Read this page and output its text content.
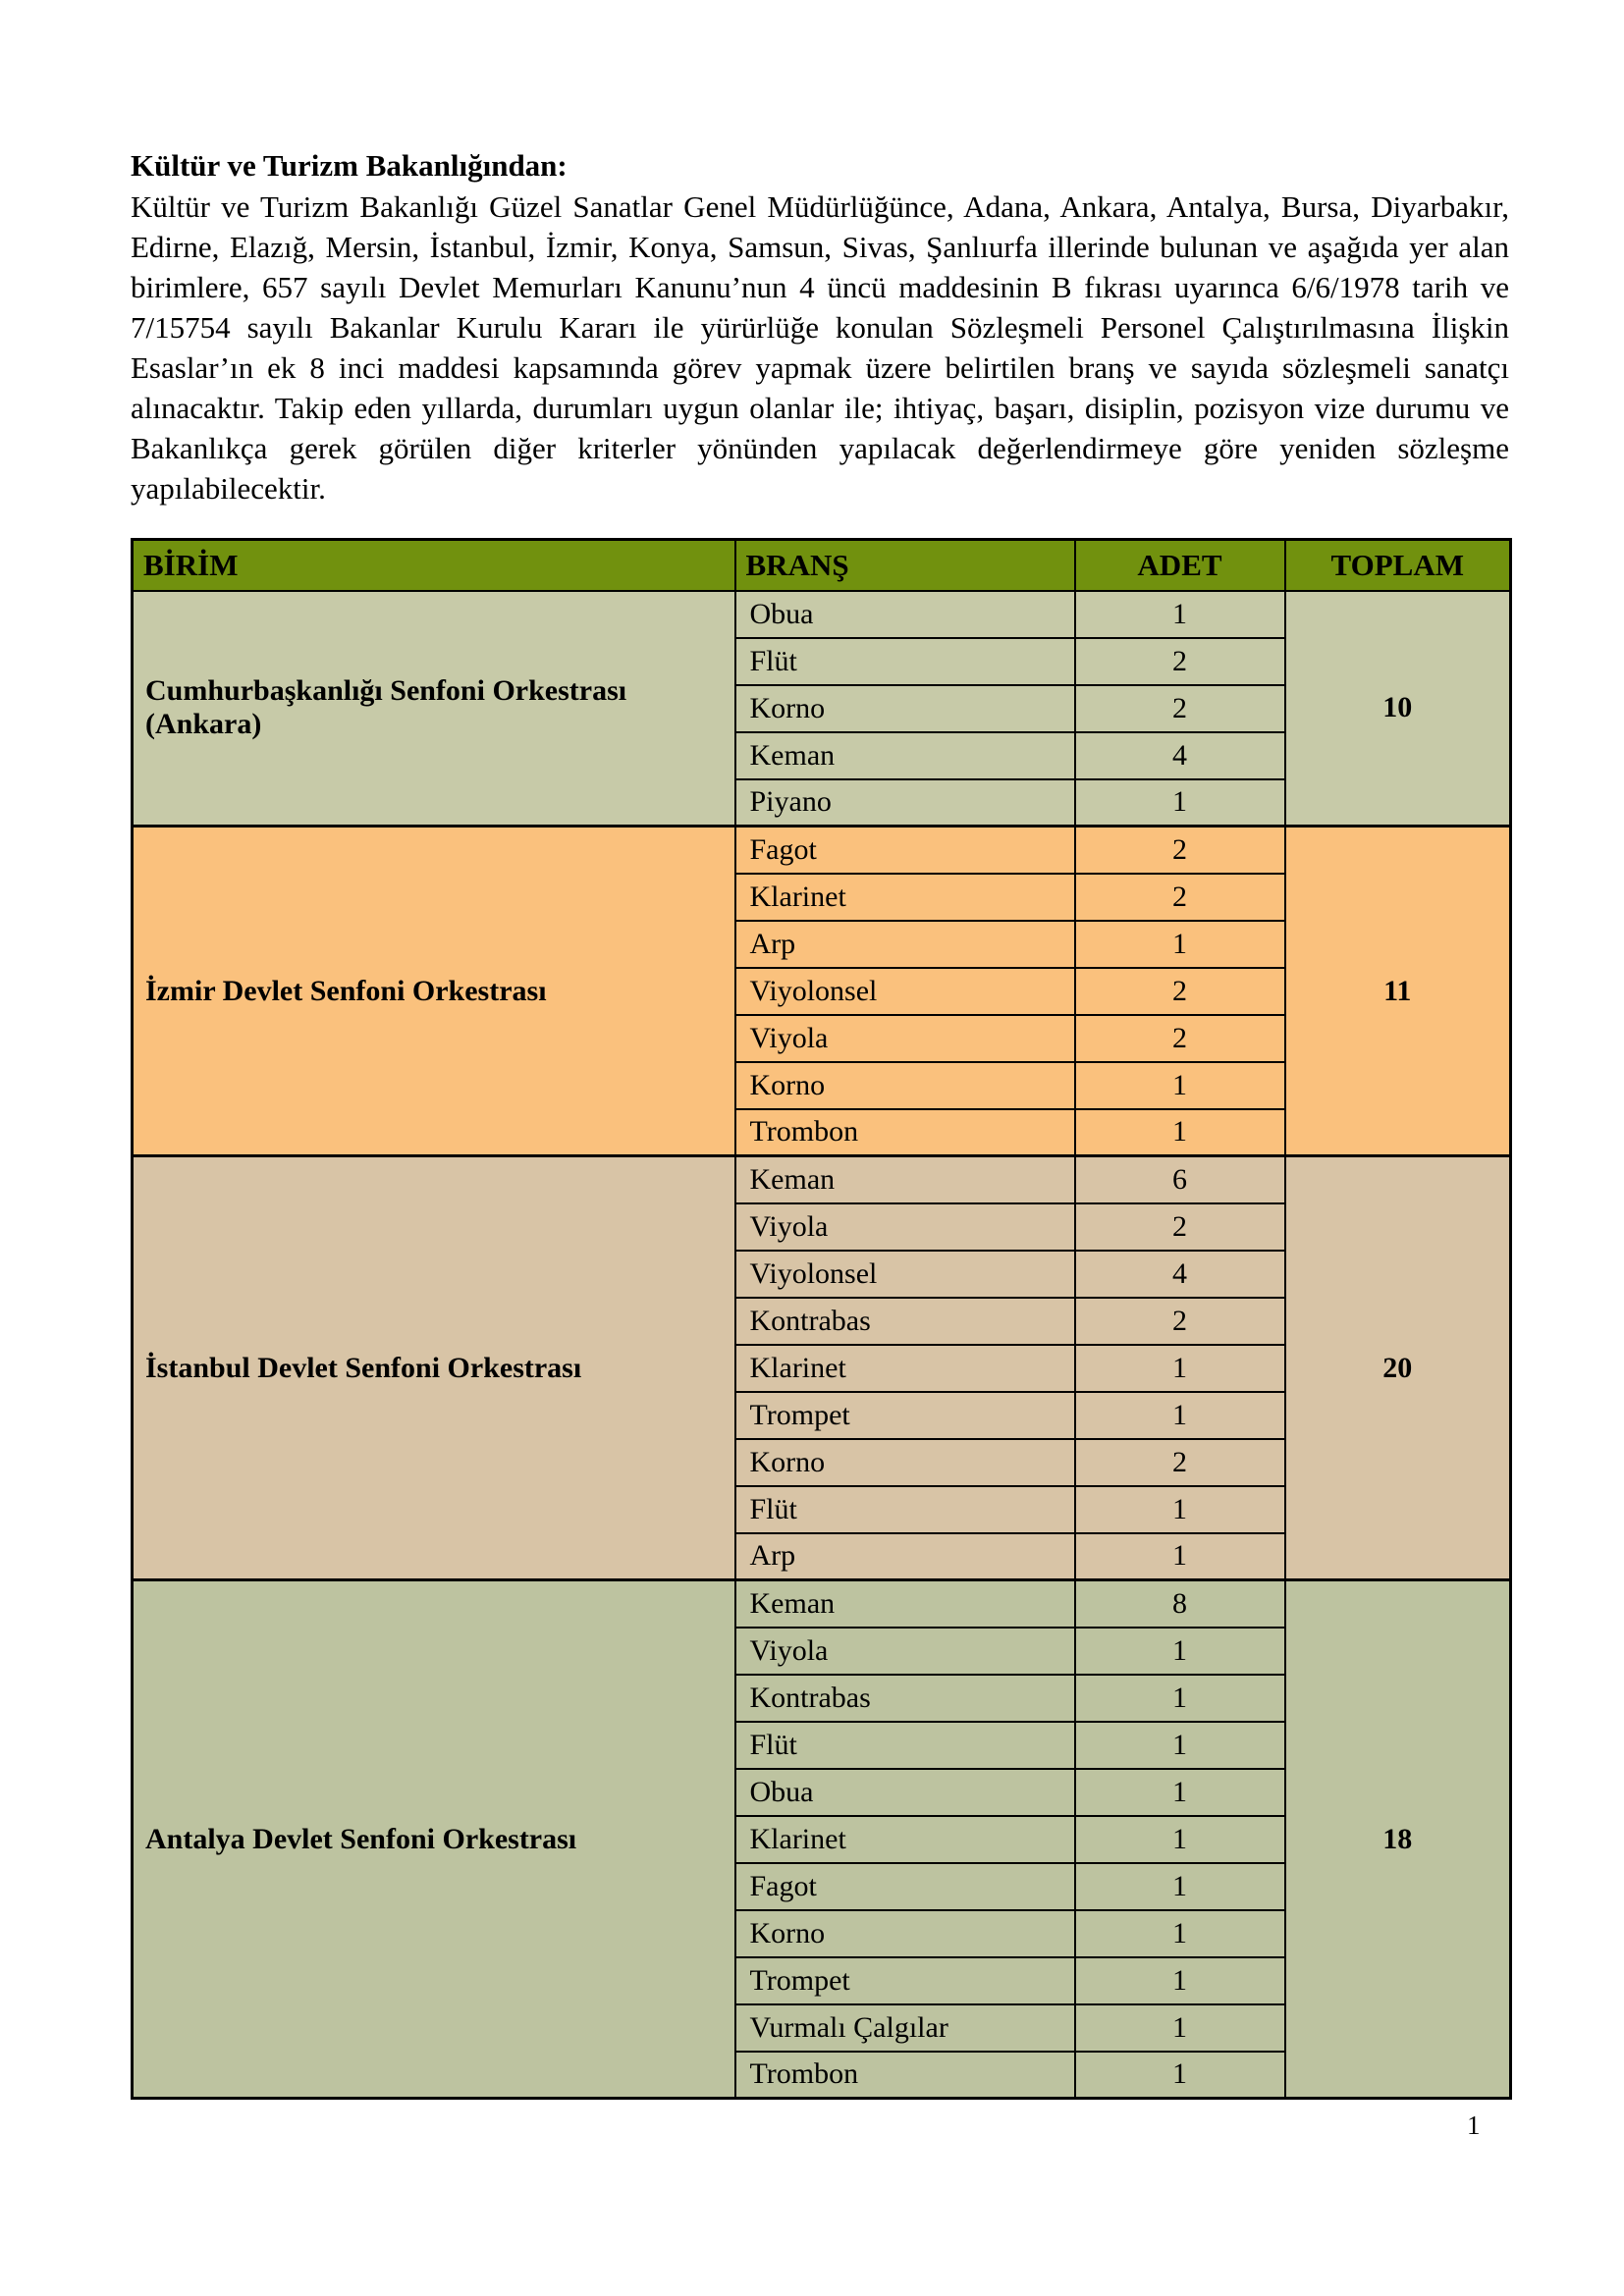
Kültür ve Turizm Bakanlığından:
Kültür ve Turizm Bakanlığı Güzel Sanatlar Genel Müdürlüğünce, Adana, Ankara, Antalya, Bursa, Diyarbakır, Edirne, Elazığ, Mersin, İstanbul, İzmir, Konya, Samsun, Sivas, Şanlıurfa illerinde bulunan ve aşağıda yer alan birimlere, 657 sayılı Devlet Memurları Kanunu’nun 4 üncü maddesinin B fıkrası uyarınca 6/6/1978 tarih ve 7/15754 sayılı Bakanlar Kurulu Kararı ile yürürlüğe konulan Sözleşmeli Personel Çalıştırılmasına İlişkin Esaslar’ın ek 8 inci maddesi kapsamında görev yapmak üzere belirtilen branş ve sayıda sözleşmeli sanatçı alınacaktır. Takip eden yıllarda, durumları uygun olanlar ile; ihtiyaç, başarı, disiplin, pozisyon vize durumu ve Bakanlıkça gerek görülen diğer kriterler yönünden yapılacak değerlendirmeye göre yeniden sözleşme yapılabilecektir.
BİRİM	BRANŞ	ADET	TOPLAM
Cumhurbaşkanlığı Senfoni Orkestrası (Ankara)	Obua	1	10
	Flüt	2	
	Korno	2	
	Keman	4	
	Piyano	1	
İzmir Devlet Senfoni Orkestrası	Fagot	2	11
	Klarinet	2	
	Arp	1	
	Viyolonsel	2	
	Viyola	2	
	Korno	1	
	Trombon	1	
İstanbul Devlet Senfoni Orkestrası	Keman	6	20
	Viyola	2	
	Viyolonsel	4	
	Kontrabas	2	
	Klarinet	1	
	Trompet	1	
	Korno	2	
	Flüt	1	
	Arp	1	
Antalya Devlet Senfoni Orkestrası	Keman	8	18
	Viyola	1	
	Kontrabas	1	
	Flüt	1	
	Obua	1	
	Klarinet	1	
	Fagot	1	
	Korno	1	
	Trompet	1	
	Vurmalı Çalgılar	1	
	Trombon	1	
1
